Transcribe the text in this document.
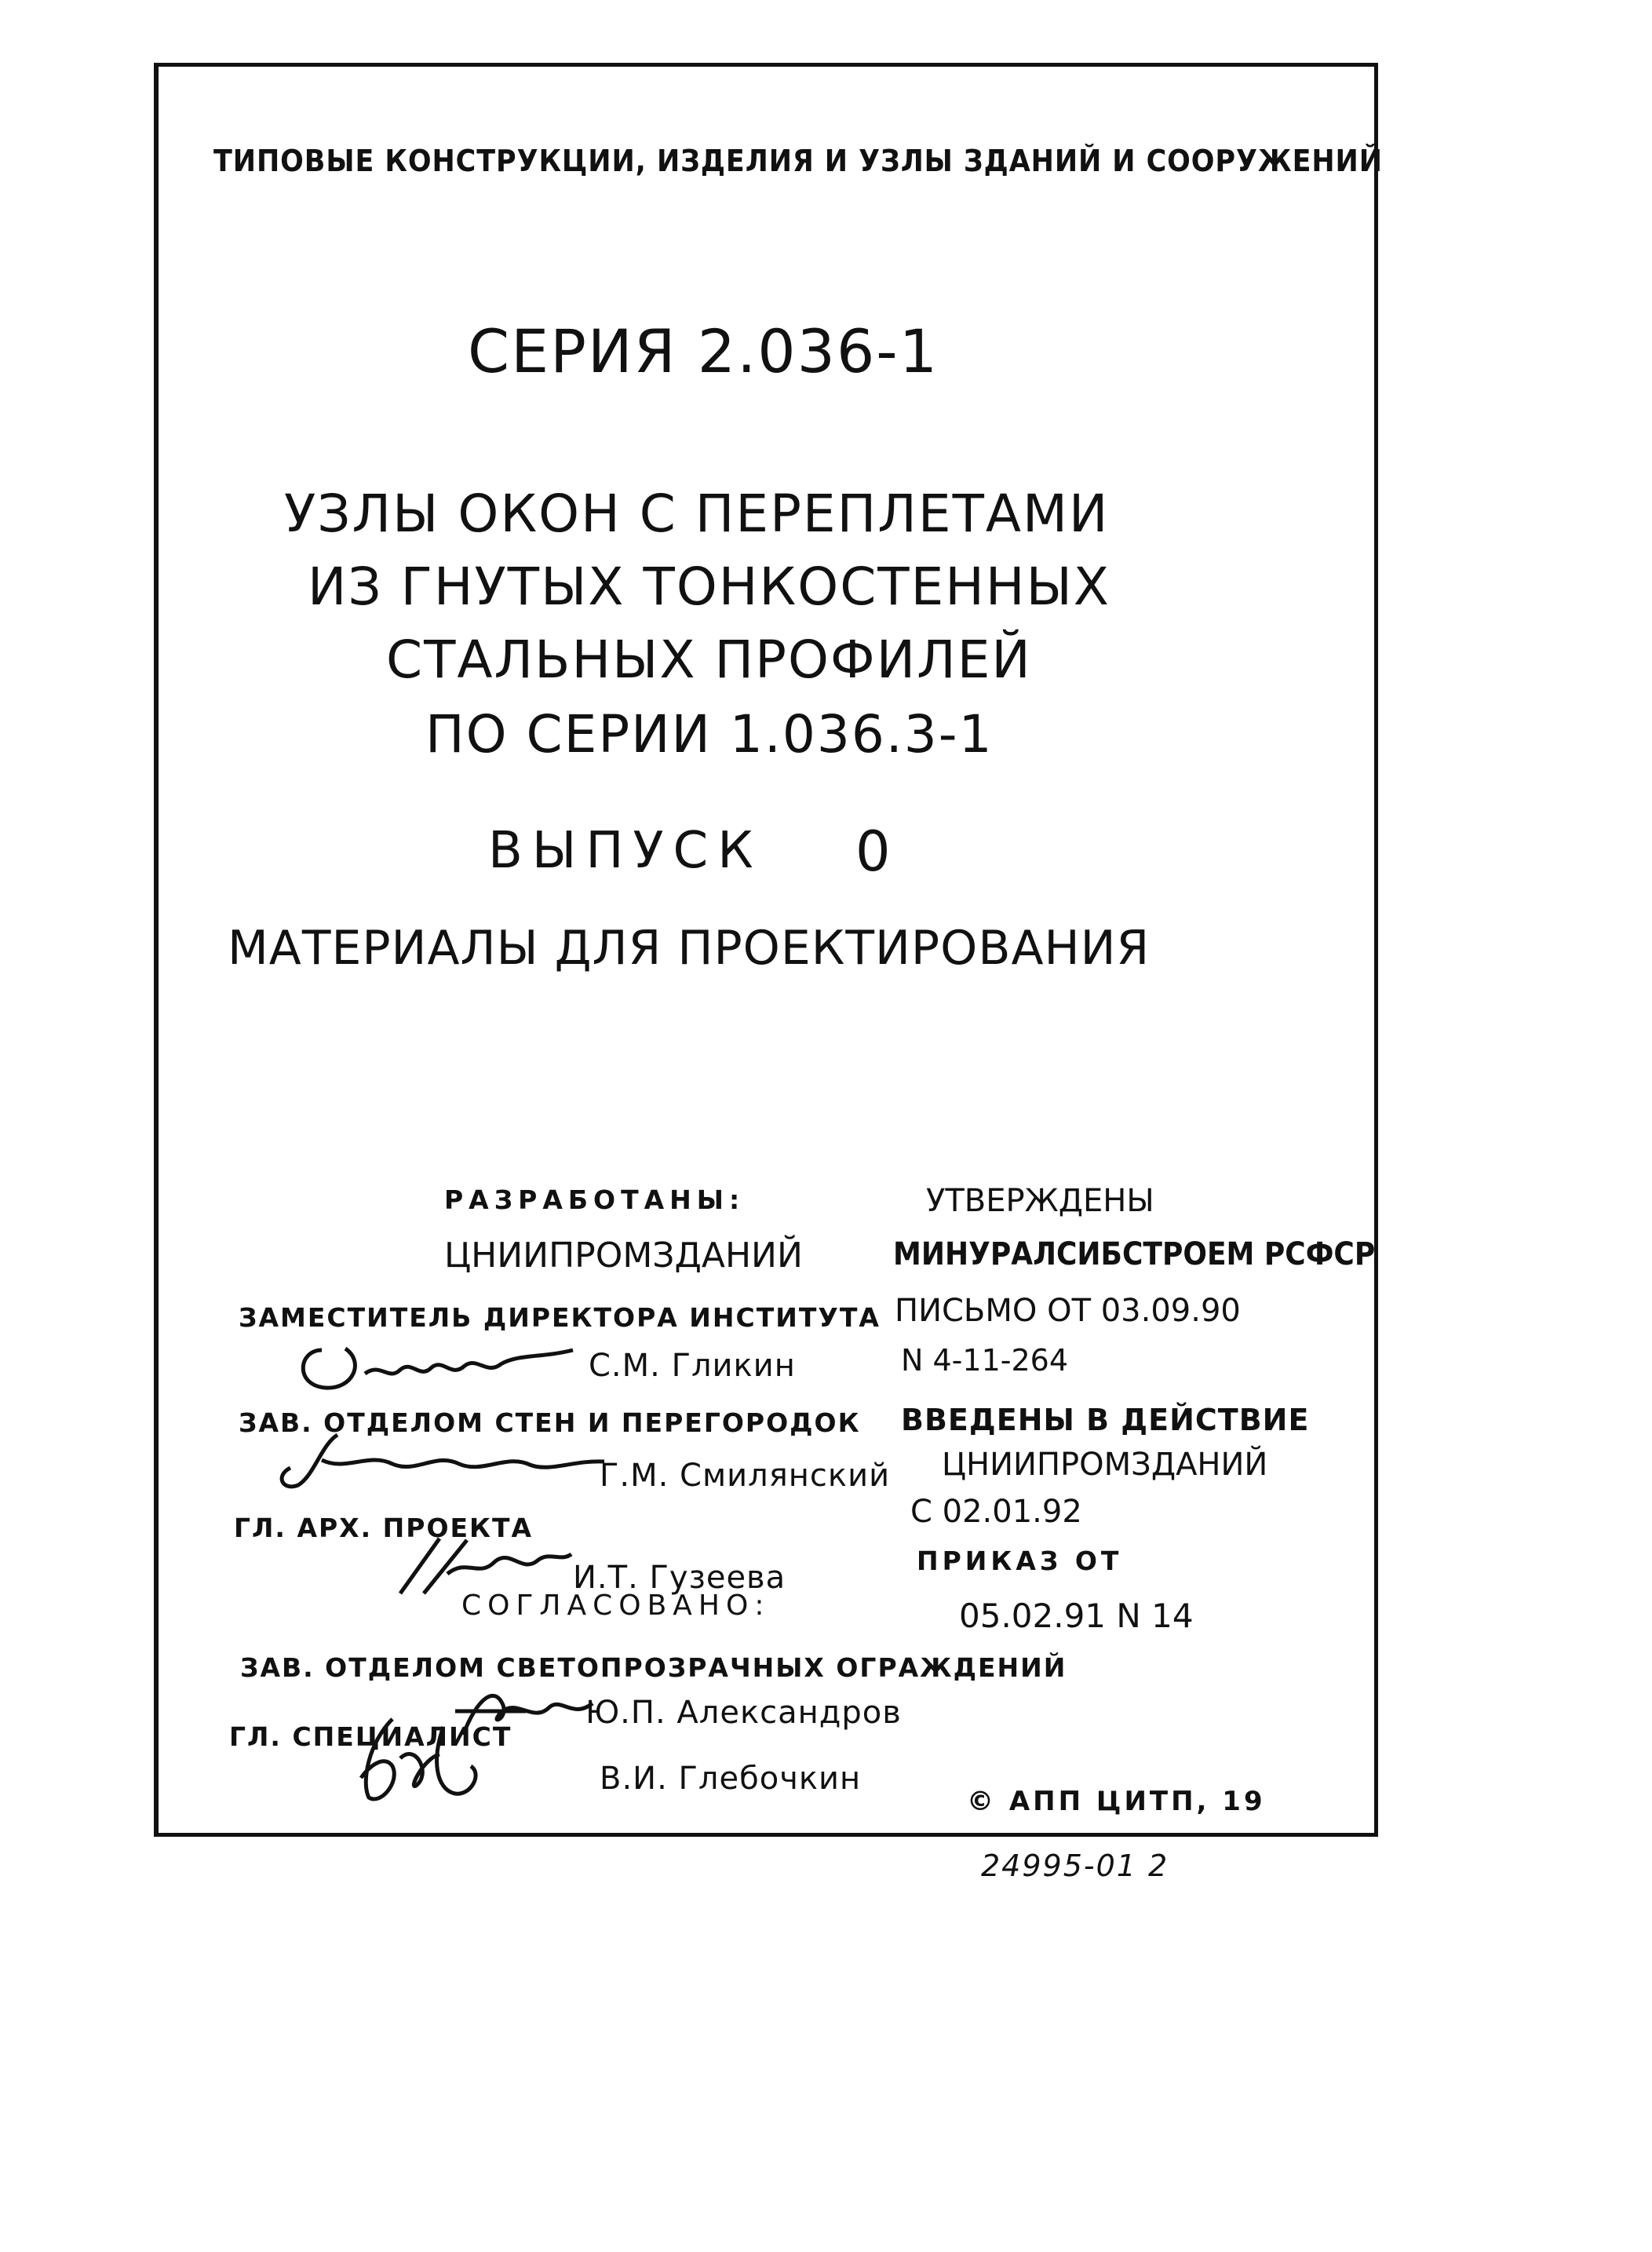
ТИПОВЫЕ КОНСТРУКЦИИ, ИЗДЕЛИЯ И УЗЛЫ ЗДАНИЙ И СООРУЖЕНИЙ
СЕРИЯ 2.036-1
УЗЛЫ ОКОН С ПЕРЕПЛЕТАМИ
ИЗ ГНУТЫХ ТОНКОСТЕННЫХ
СТАЛЬНЫХ ПРОФИЛЕЙ
ПО СЕРИИ 1.036.3-1
ВЫПУСК 0
МАТЕРИАЛЫ ДЛЯ ПРОЕКТИРОВАНИЯ
РАЗРАБОТАНЫ:
ЦНИИПРОМЗДАНИЙ
УТВЕРЖДЕНЫ
МИНУРАЛСИБСТРОЕМ РСФСР
ЗАМЕСТИТЕЛЬ ДИРЕКТОРА ИНСТИТУТА
С.М. Гликин
ПИСЬМО ОТ 03.09.90
N 4-11-264
ЗАВ. ОТДЕЛОМ СТЕН И ПЕРЕГОРОДОК
Г.М. Смилянский
ВВЕДЕНЫ В ДЕЙСТВИЕ
ЦНИИПРОМЗДАНИЙ
С 02.01.92
ГЛ. АРХ. ПРОЕКТА
И.Т. Гузеева	ПРИКАЗ ОТ
05.02.91 N 14
СОГЛАСОВАНО:
ЗАВ. ОТДЕЛОМ СВЕТОПРОЗРАЧНЫХ ОГРАЖДЕНИЙ
Ю.П. Александров
ГЛ. СПЕЦИАЛИСТ
В.И. Глебочкин
© АПП ЦИТП, 19
24995-01 2
